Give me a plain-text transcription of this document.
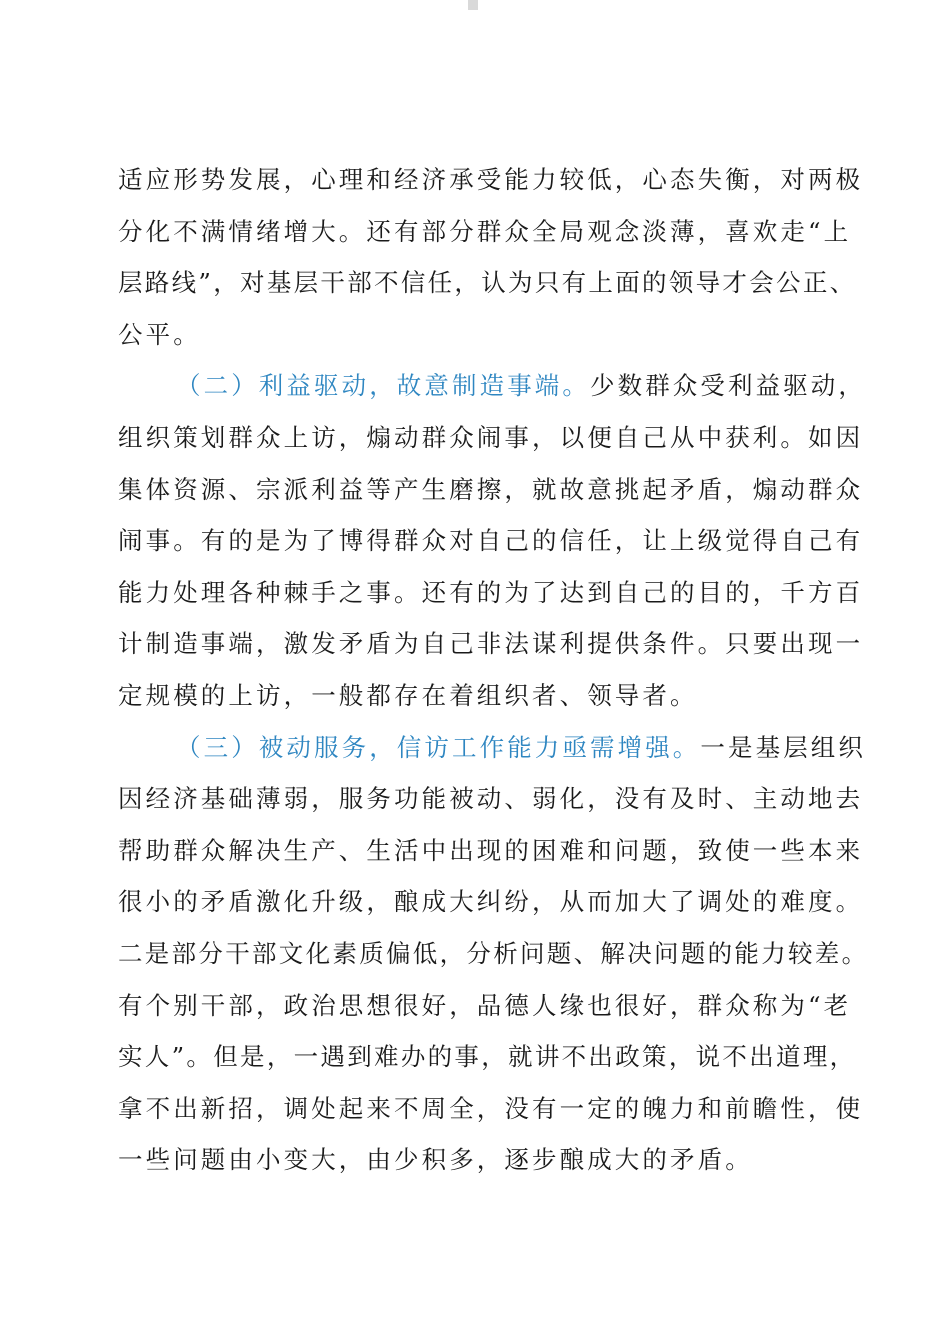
适应形势发展，心理和经济承受能力较低，心态失衡，对两极
分化不满情绪增大。还有部分群众全局观念淡薄，喜欢走“上
层路线”，对基层干部不信任，认为只有上面的领导才会公正、
公平。
（二）利益驱动，故意制造事端。少数群众受利益驱动，
组织策划群众上访，煽动群众闹事，以便自己从中获利。如因
集体资源、宗派利益等产生磨擦，就故意挑起矛盾，煽动群众
闹事。有的是为了博得群众对自己的信任，让上级觉得自己有
能力处理各种棘手之事。还有的为了达到自己的目的，千方百
计制造事端，激发矛盾为自己非法谋利提供条件。只要出现一
定规模的上访，一般都存在着组织者、领导者。
（三）被动服务，信访工作能力亟需增强。一是基层组织
因经济基础薄弱，服务功能被动、弱化，没有及时、主动地去
帮助群众解决生产、生活中出现的困难和问题，致使一些本来
很小的矛盾激化升级，酿成大纠纷，从而加大了调处的难度。
二是部分干部文化素质偏低，分析问题、解决问题的能力较差。
有个别干部，政治思想很好，品德人缘也很好，群众称为“老
实人”。但是，一遇到难办的事，就讲不出政策，说不出道理，
拿不出新招，调处起来不周全，没有一定的魄力和前瞻性，使
一些问题由小变大，由少积多，逐步酿成大的矛盾。
